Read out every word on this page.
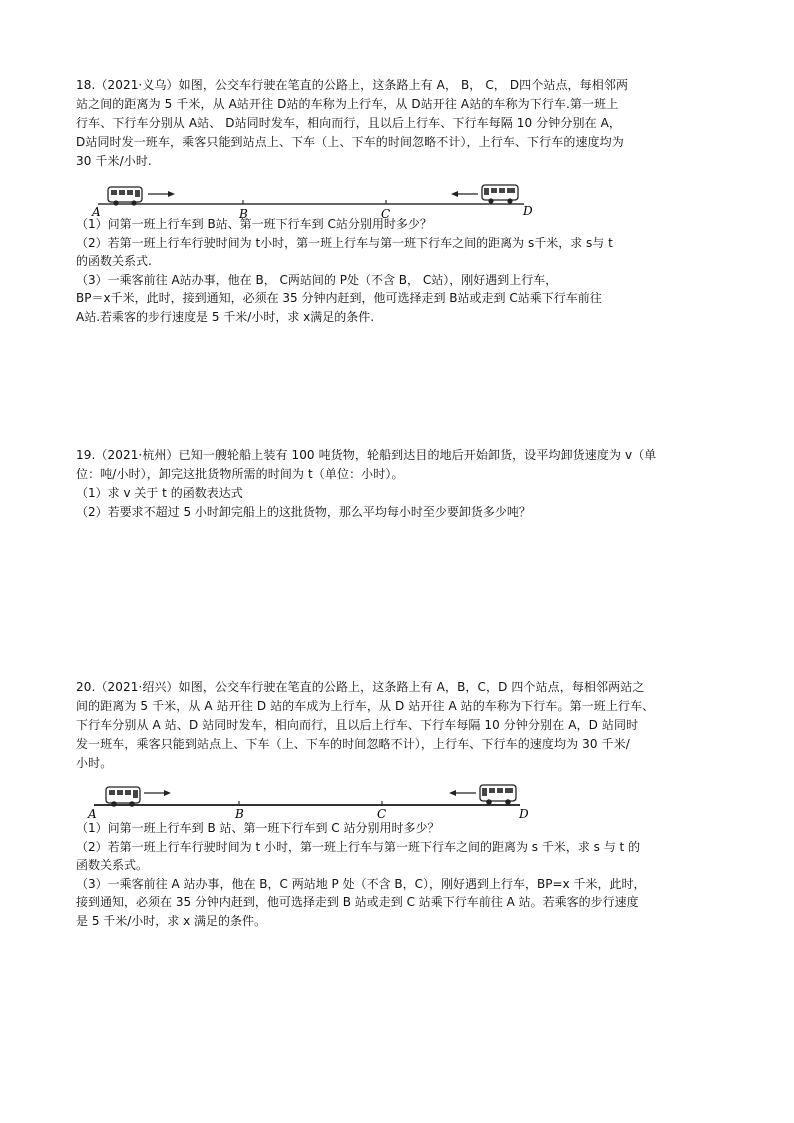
18.（2021·义乌）如图，公交车行驶在笔直的公路上，这条路上有 A， B， C， D四个站点，每相邻两

站之间的距离为 5 千米，从 A站开往 D站的车称为上行车，从 D站开往 A站的车称为下行车.第一班上

行车、下行车分别从 A站、 D站同时发车，相向而行，且以后上行车、下行车每隔 10 分钟分别在 A，

D站同时发一班车，乘客只能到站点上、下车（上、下车的时间忽略不计），上行车、下行车的速度均为

30 千米/小时.

A	B	C	D

（1）问第一班上行车到 B站、第一班下行车到 C站分别用时多少？

（2）若第一班上行车行驶时间为 t小时，第一班上行车与第一班下行车之间的距离为 s千米，求 s与 t

的函数关系式.

（3）一乘客前往 A站办事，他在 B， C两站间的 P处（不含 B， C站），刚好遇到上行车，

BP＝x千米，此时，接到通知，必须在 35 分钟内赶到，他可选择走到 B站或走到 C站乘下行车前往

A站.若乘客的步行速度是 5 千米/小时，求 x满足的条件.

19.（2021·杭州）已知一艘轮船上装有 100 吨货物，轮船到达目的地后开始卸货，设平均卸货速度为 v（单

位：吨/小时），卸完这批货物所需的时间为 t（单位：小时）。

（1）求 v 关于 t 的函数表达式

（2）若要求不超过 5 小时卸完船上的这批货物，那么平均每小时至少要卸货多少吨？

20.（2021·绍兴）如图，公交车行驶在笔直的公路上，这条路上有 A，B，C，D 四个站点，每相邻两站之

间的距离为 5 千米，从 A 站开往 D 站的车成为上行车，从 D 站开往 A 站的车称为下行车。第一班上行车、

下行车分别从 A 站、D 站同时发车，相向而行，且以后上行车、下行车每隔 10 分钟分别在 A，D 站同时

发一班车，乘客只能到站点上、下车（上、下车的时间忽略不计），上行车、下行车的速度均为 30 千米/

小时。

A	B	C	D

（1）问第一班上行车到 B 站、第一班下行车到 C 站分别用时多少？

（2）若第一班上行车行驶时间为 t 小时，第一班上行车与第一班下行车之间的距离为 s 千米，求 s 与 t 的

函数关系式。

（3）一乘客前往 A 站办事，他在 B，C 两站地 P 处（不含 B，C），刚好遇到上行车，BP=x 千米，此时，

接到通知，必须在 35 分钟内赶到，他可选择走到 B 站或走到 C 站乘下行车前往 A 站。若乘客的步行速度

是 5 千米/小时，求 x 满足的条件。
